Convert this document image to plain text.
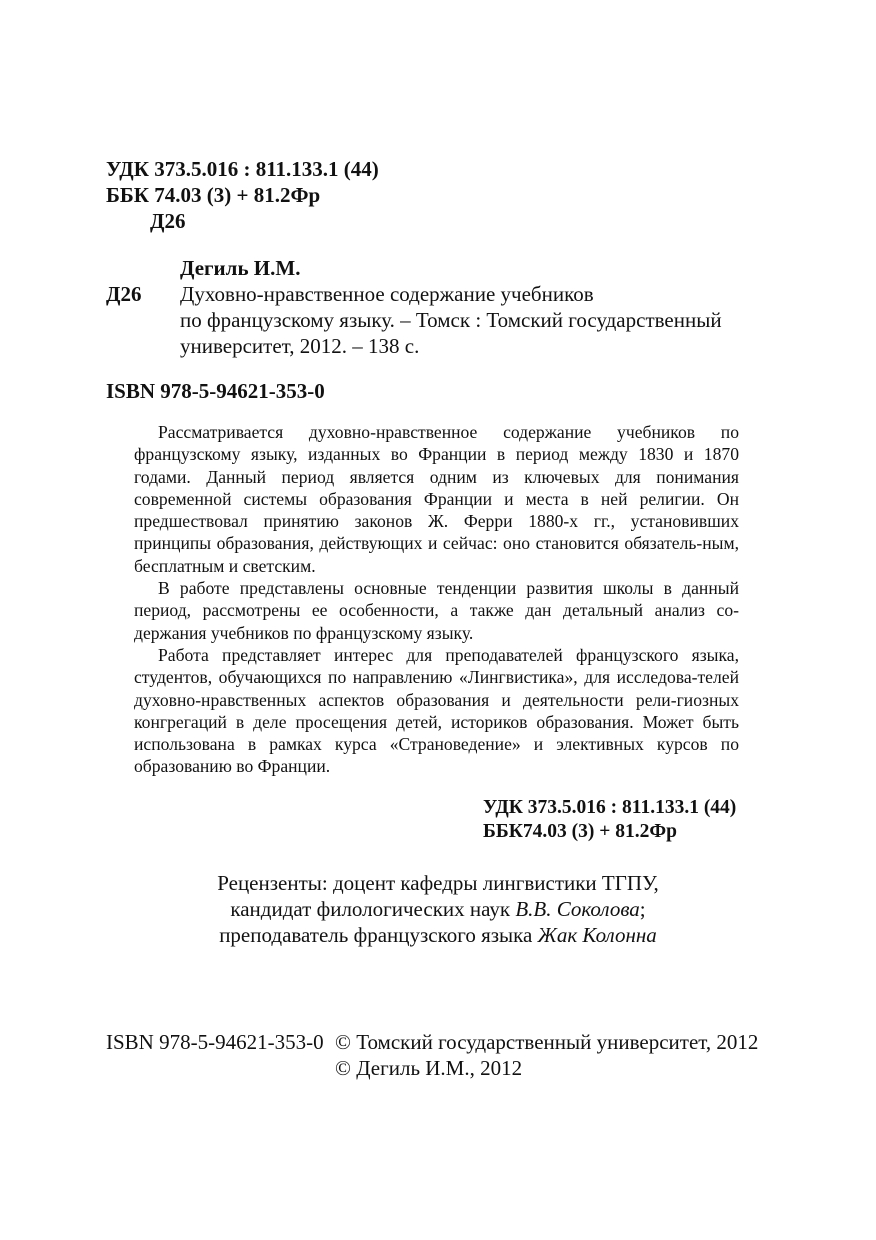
УДК 373.5.016 : 811.133.1 (44)
ББК 74.03 (3) + 81.2Фр
Д26
Дегиль И.М.
Д26 Духовно-нравственное содержание учебников
по французскому языку. – Томск : Томский государственный
университет, 2012. – 138 с.
ISBN 978-5-94621-353-0

Рассматривается духовно-нравственное содержание учебников по французскому языку, изданных во Франции в период между 1830 и 1870 годами. Данный период является одним из ключевых для понимания современной системы образования Франции и места в ней религии. Он предшествовал принятию законов Ж. Ферри 1880-х гг., установивших принципы образования, действующих и сейчас: оно становится обязатель-ным, бесплатным и светским.

В работе представлены основные тенденции развития школы в данный период, рассмотрены ее особенности, а также дан детальный анализ со-держания учебников по французскому языку.

Работа представляет интерес для преподавателей французского языка, студентов, обучающихся по направлению «Лингвистика», для исследова-телей духовно-нравственных аспектов образования и деятельности рели-гиозных конгрегаций в деле просещения детей, историков образования. Может быть использована в рамках курса «Страноведение» и элективных курсов по образованию во Франции.

УДК 373.5.016 : 811.133.1 (44)
ББК74.03 (3) + 81.2Фр
Рецензенты: доцент кафедры лингвистики ТГПУ,
кандидат филологических наук В.В. Соколова;
преподаватель французского языка Жак Колонна
ISBN 978-5-94621-353-0 © Томский государственный университет, 2012
© Дегиль И.М., 2012
